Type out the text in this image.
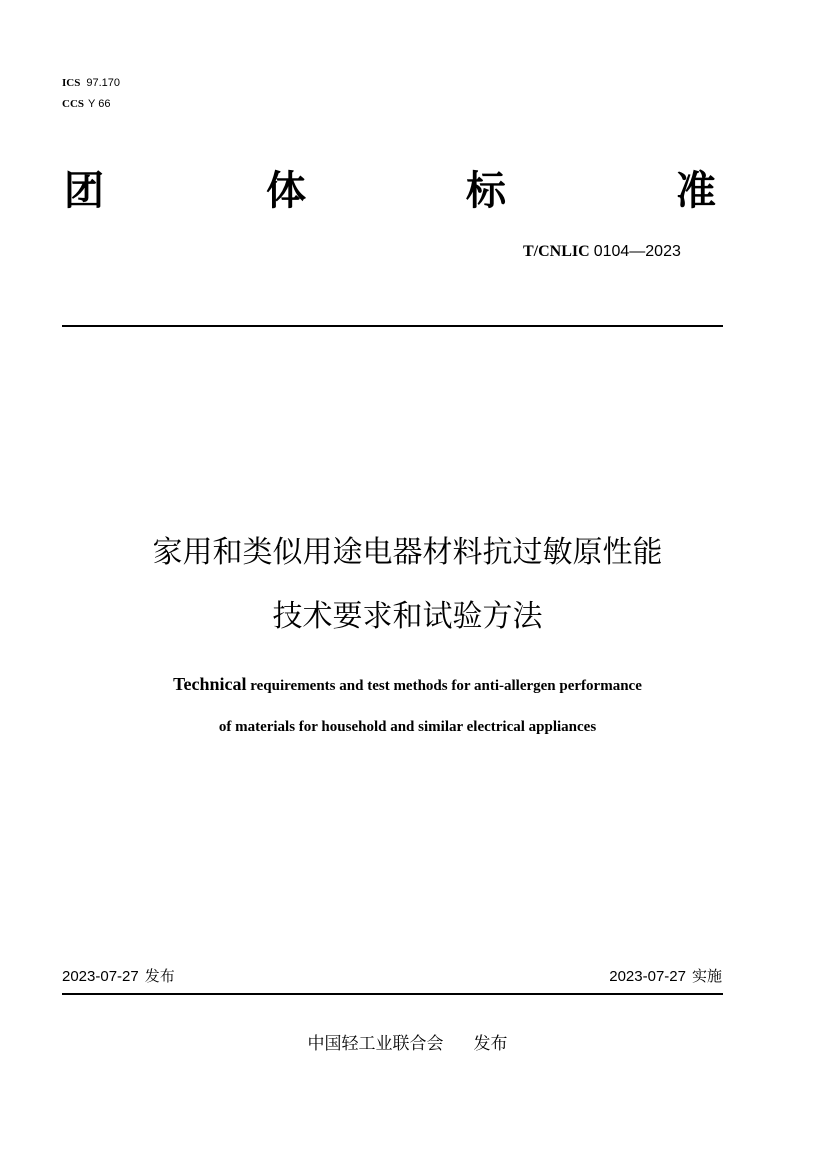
ICS 97.170
CCS Y 66
团	体	标	准
T/CNLIC 0104—2023
家用和类似用途电器材料抗过敏原性能
技术要求和试验方法
Technical requirements and test methods for anti-allergen performance
of materials for household and similar electrical appliances
2023-07-27 发布	2023-07-27 实施
中国轻工业联合会 发布
